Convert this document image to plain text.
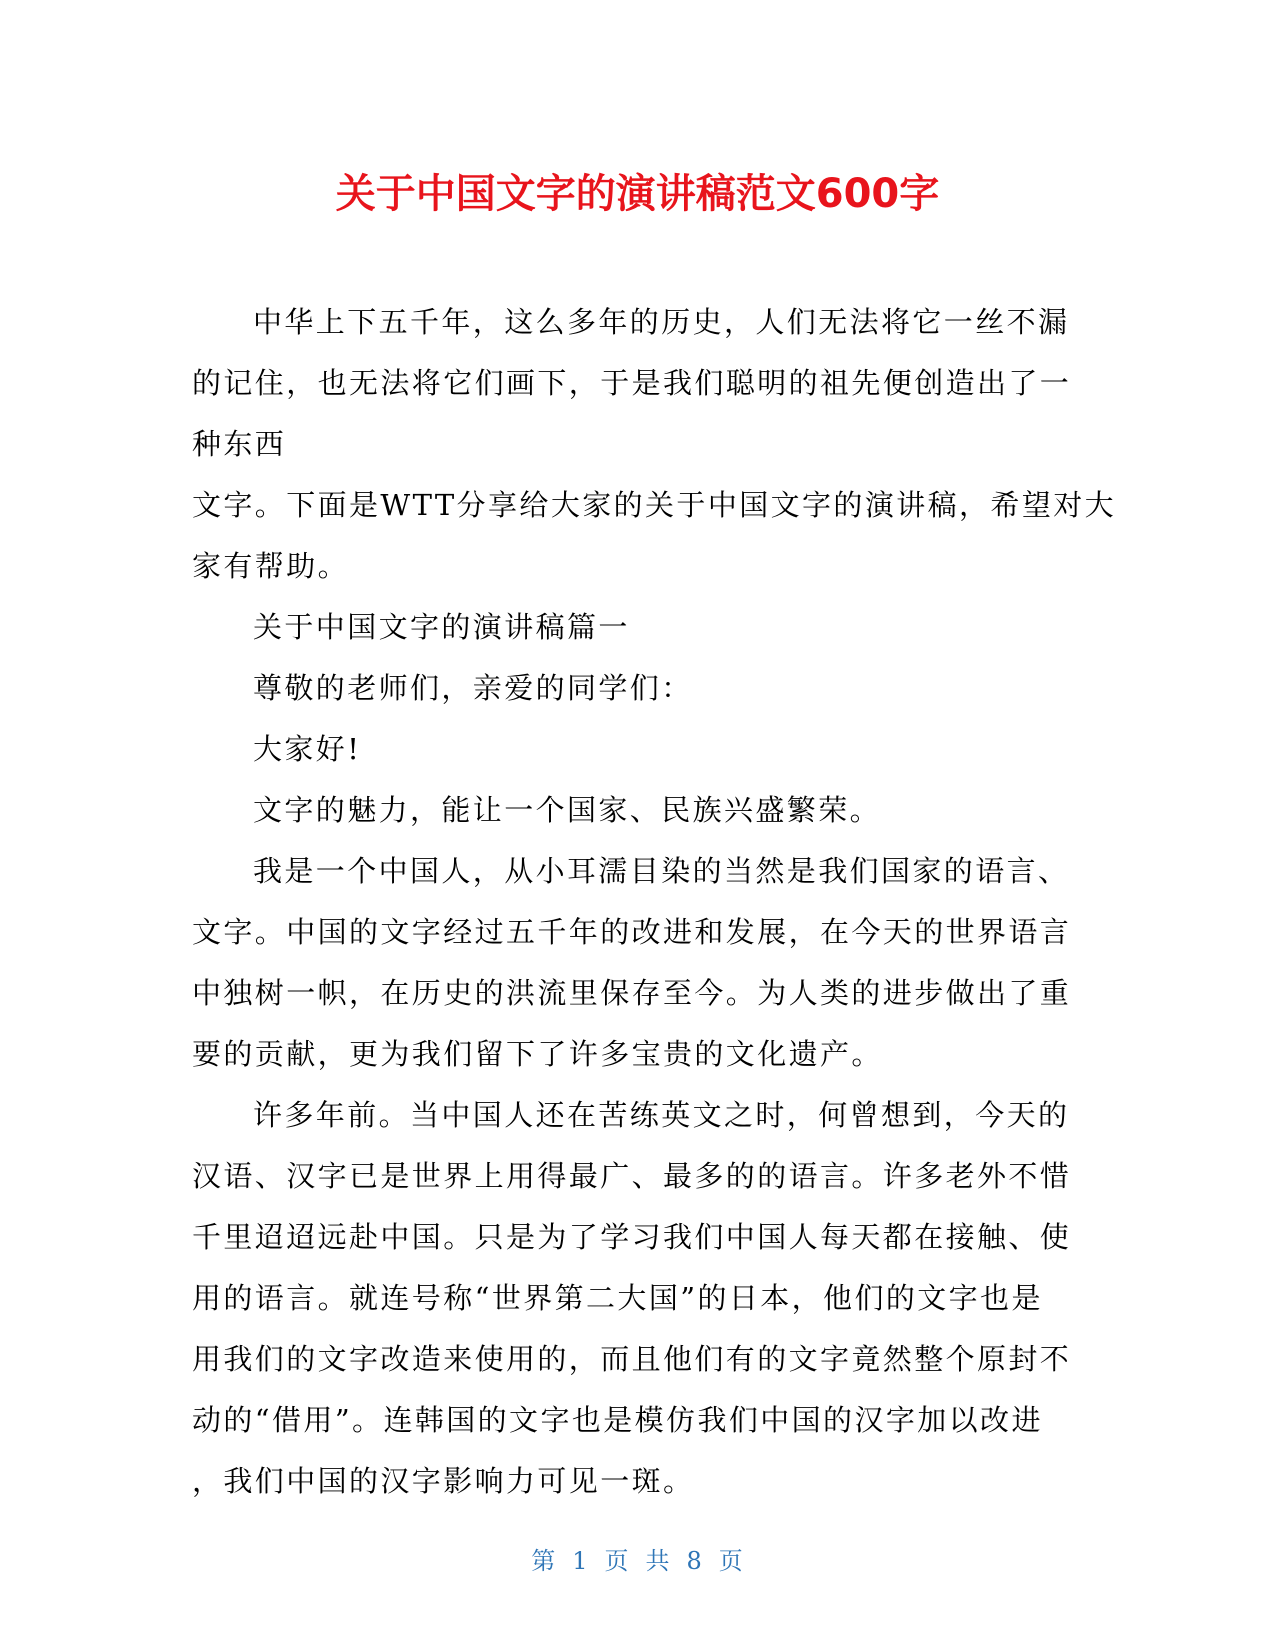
关于中国文字的演讲稿范文600字
中华上下五千年，这么多年的历史，人们无法将它一丝不漏
的记住，也无法将它们画下，于是我们聪明的祖先便创造出了一
种东西
文字。下面是WTT分享给大家的关于中国文字的演讲稿，希望对大
家有帮助。
关于中国文字的演讲稿篇一
尊敬的老师们，亲爱的同学们：
大家好!
文字的魅力，能让一个国家、民族兴盛繁荣。
我是一个中国人，从小耳濡目染的当然是我们国家的语言、
文字。中国的文字经过五千年的改进和发展，在今天的世界语言
中独树一帜，在历史的洪流里保存至今。为人类的进步做出了重
要的贡献，更为我们留下了许多宝贵的文化遗产。
许多年前。当中国人还在苦练英文之时，何曾想到，今天的
汉语、汉字已是世界上用得最广、最多的的语言。许多老外不惜
千里迢迢远赴中国。只是为了学习我们中国人每天都在接触、使
用的语言。就连号称“世界第二大国”的日本，他们的文字也是
用我们的文字改造来使用的，而且他们有的文字竟然整个原封不
动的“借用”。连韩国的文字也是模仿我们中国的汉字加以改进
，我们中国的汉字影响力可见一斑。
第 1 页 共 8 页
